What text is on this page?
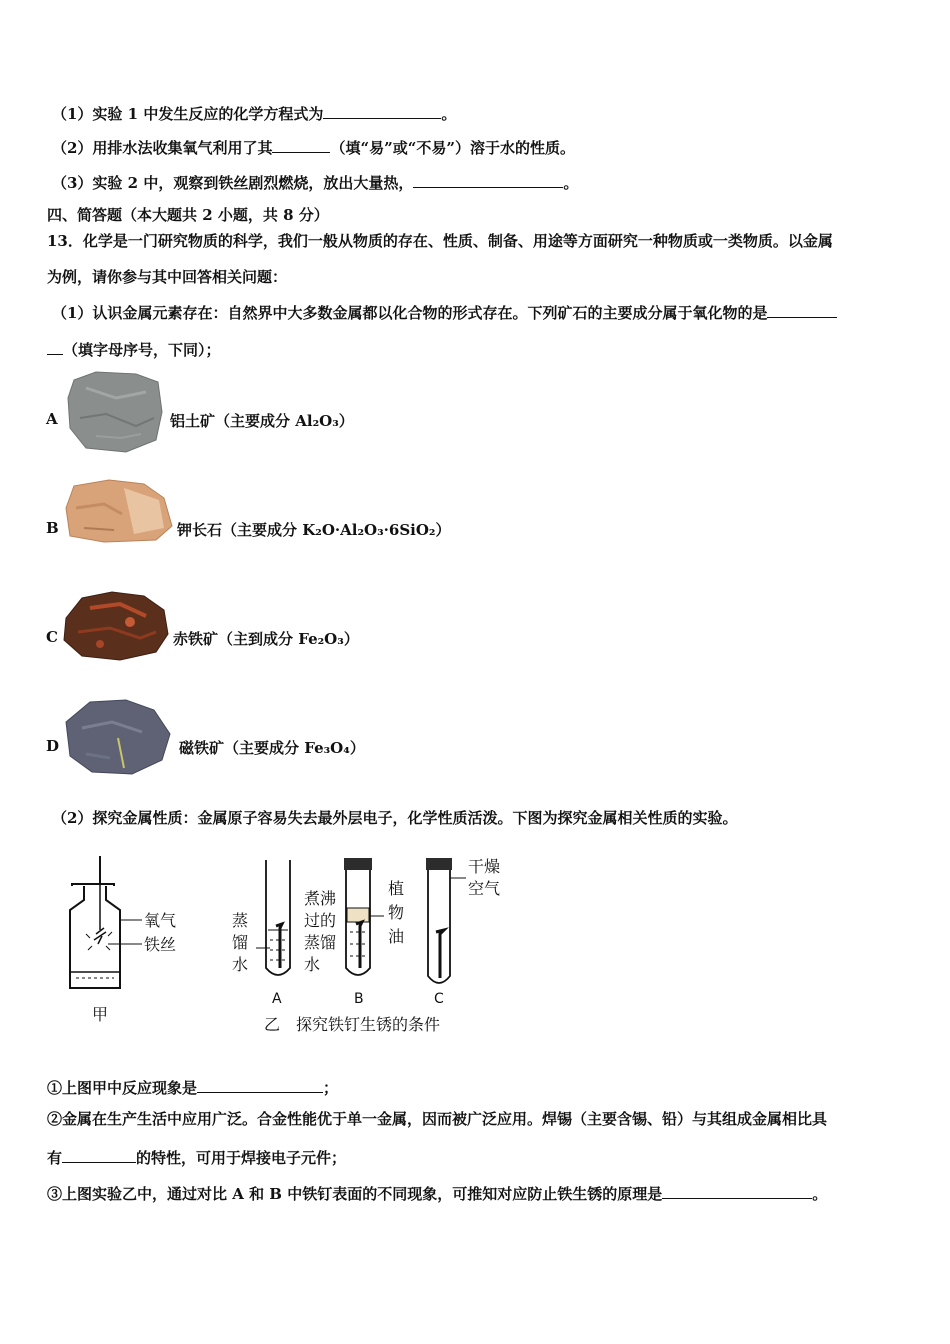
（1）实验 1 中发生反应的化学方程式为	。
（2）用排水法收集氧气利用了其	（填“易”或“不易”）溶于水的性质。
（3）实验 2 中，观察到铁丝剧烈燃烧，放出大量热，	。
四、简答题（本大题共 2 小题，共 8 分）
13．化学是一门研究物质的科学，我们一般从物质的存在、性质、制备、用途等方面研究一种物质或一类物质。以金属
为例，请你参与其中回答相关问题：
（1）认识金属元素存在：自然界中大多数金属都以化合物的形式存在。下列矿石的主要成分属于氧化物的是
（填字母序号，下同）；
A	铝土矿（主要成分 Al₂O₃）
B	钾长石（主要成分 K₂O·Al₂O₃·6SiO₂）
C	赤铁矿（主到成分 Fe₂O₃）
D	磁铁矿（主要成分 Fe₃O₄）
（2）探究金属性质：金属原子容易失去最外层电子，化学性质活泼。下图为探究金属相关性质的实验。
氧气
铁丝
甲
蒸
馏
水
A
煮沸
过的
蒸馏
水
植
物
油
B
干燥
空气
C
乙　探究铁钉生锈的条件
①上图甲中反应现象是	；
②金属在生产生活中应用广泛。合金性能优于单一金属，因而被广泛应用。焊锡（主要含锡、铅）与其组成金属相比具
有	的特性，可用于焊接电子元件；
③上图实验乙中，通过对比 A 和 B 中铁钉表面的不同现象，可推知对应防止铁生锈的原理是	。
